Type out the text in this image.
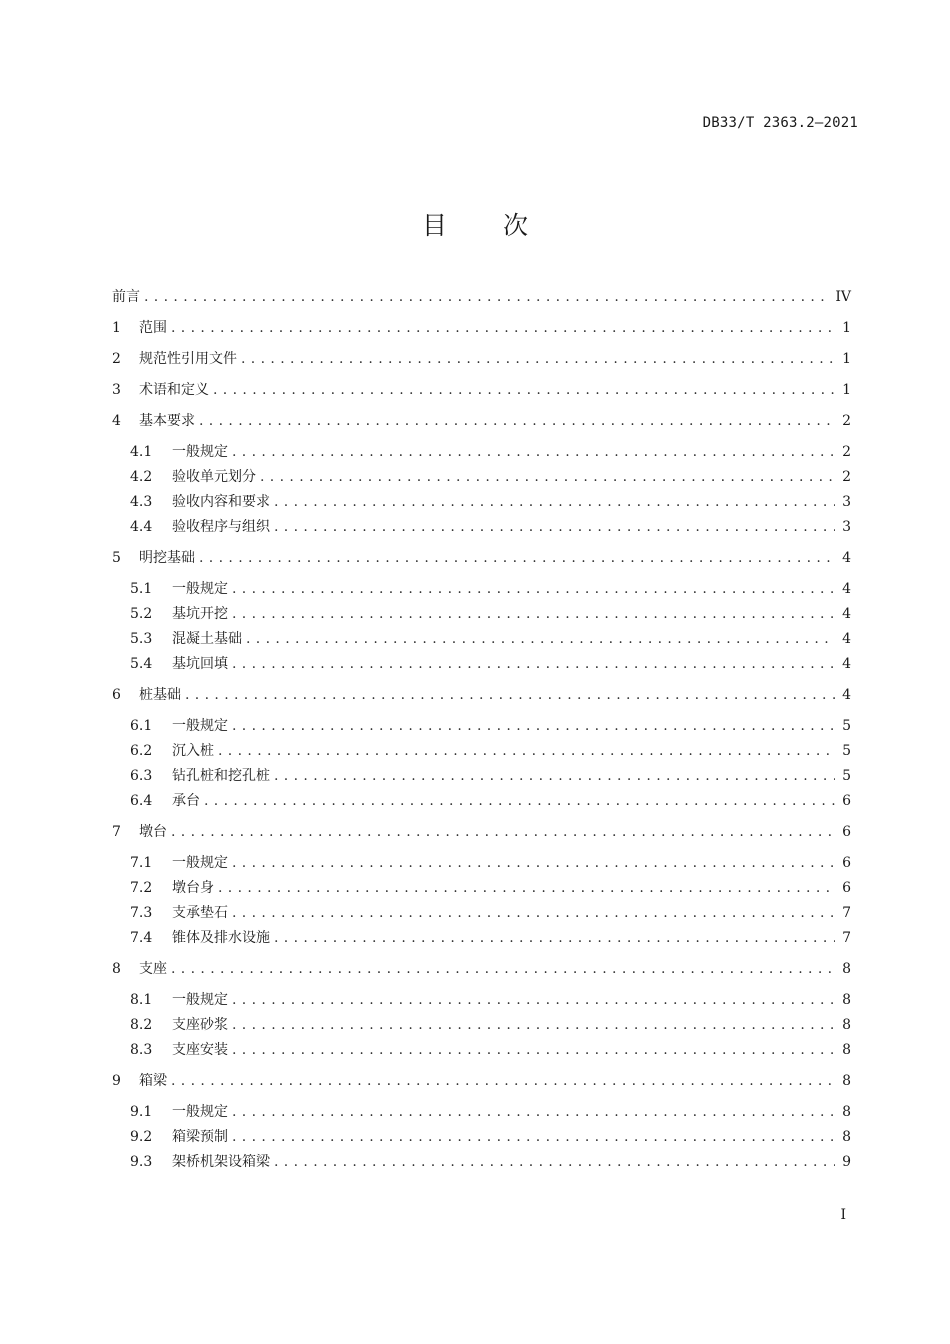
DB33/T 2363.2—2021
目 次
前言 . . .	IV
1	范围 . . .	1
2	规范性引用文件 . . .	1
3	术语和定义 . . .	1
4	基本要求 . . .	2
4.1	一般规定 . . .	2
4.2	验收单元划分 . . .	2
4.3	验收内容和要求 . . .	3
4.4	验收程序与组织 . . .	3
5	明挖基础 . . .	4
5.1	一般规定 . . .	4
5.2	基坑开挖 . . .	4
5.3	混凝土基础 . . .	4
5.4	基坑回填 . . .	4
6	桩基础 . . .	4
6.1	一般规定 . . .	5
6.2	沉入桩 . . .	5
6.3	钻孔桩和挖孔桩 . . .	5
6.4	承台 . . .	6
7	墩台 . . .	6
7.1	一般规定 . . .	6
7.2	墩台身 . . .	6
7.3	支承垫石 . . .	7
7.4	锥体及排水设施 . . .	7
8	支座 . . .	8
8.1	一般规定 . . .	8
8.2	支座砂浆 . . .	8
8.3	支座安装 . . .	8
9	箱梁 . . .	8
9.1	一般规定 . . .	8
9.2	箱梁预制 . . .	8
9.3	架桥机架设箱梁 . . .	9
I
